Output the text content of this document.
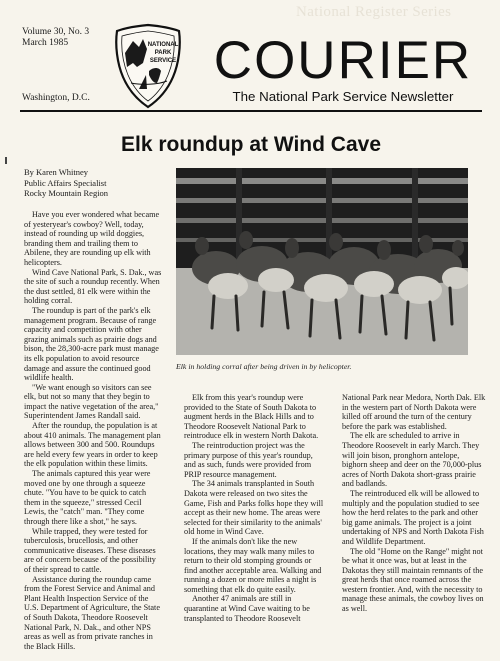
National Register Series
Volume 30, No. 3
March 1985
Washington, D.C.
NATIONAL
PARK
SERVICE COURIER
The National Park Service Newsletter
Elk roundup at Wind Cave
By Karen Whitney
Public Affairs Specialist
Rocky Mountain Region
Elk in holding corral after being driven in by helicopter.

Have you ever wondered what became of yesteryear's cowboy? Well, today, instead of rounding up wild doggies, branding them and trailing them to Abilene, they are rounding up elk with helicopters.

Wind Cave National Park, S. Dak., was the site of such a roundup recently. When the dust settled, 81 elk were within the holding corral.

The roundup is part of the park's elk management program. Because of range capacity and competition with other grazing animals such as prairie dogs and bison, the 28,300-acre park must manage its elk population to avoid resource damage and assure the continued good wildlife health.

"We want enough so visitors can see elk, but not so many that they begin to impact the native vegetation of the area," Superintendent James Randall said.

After the roundup, the population is at about 410 animals. The management plan allows between 300 and 500. Roundups are held every few years in order to keep the elk population within these limits.

The animals captured this year were moved one by one through a squeeze chute. "You have to be quick to catch them in the squeeze," stressed Cecil Lewis, the "catch" man. "They come through there like a shot," he says.

While trapped, they were tested for tuberculosis, brucellosis, and other communicative diseases. These diseases are of concern because of the possibility of their spread to cattle.

Assistance during the roundup came from the Forest Service and Animal and Plant Health Inspection Service of the U.S. Department of Agriculture, the State of South Dakota, Theodore Roosevelt National Park, N. Dak., and other NPS areas as well as from private ranches in the Black Hills.

Elk from this year's roundup were provided to the State of South Dakota to augment herds in the Black Hills and to Theodore Roosevelt National Park to reintroduce elk in western North Dakota.

The reintroduction project was the primary purpose of this year's roundup, and as such, funds were provided from PRIP resource management.

The 34 animals transplanted in South Dakota were released on two sites the Game, Fish and Parks folks hope they will accept as their new home. The areas were selected for their similarity to the animals' old home in Wind Cave.

If the animals don't like the new locations, they may walk many miles to return to their old stomping grounds or find another acceptable area. Walking and running a dozen or more miles a night is something that elk do quite easily.

Another 47 animals are still in quarantine at Wind Cave waiting to be transplanted to Theodore Roosevelt

National Park near Medora, North Dak. Elk in the western part of North Dakota were killed off around the turn of the century before the park was established.

The elk are scheduled to arrive in Theodore Roosevelt in early March. They will join bison, pronghorn antelope, bighorn sheep and deer on the 70,000-plus acres of North Dakota short-grass prairie and badlands.

The reintroduced elk will be allowed to multiply and the population studied to see how the herd relates to the park and other big game animals. The project is a joint undertaking of NPS and North Dakota Fish and Wildlife Department.

The old "Home on the Range" might not be what it once was, but at least in the Dakotas they still maintain remnants of the great herds that once roamed across the western frontier. And, with the necessity to manage these animals, the cowboy lives on as well.
